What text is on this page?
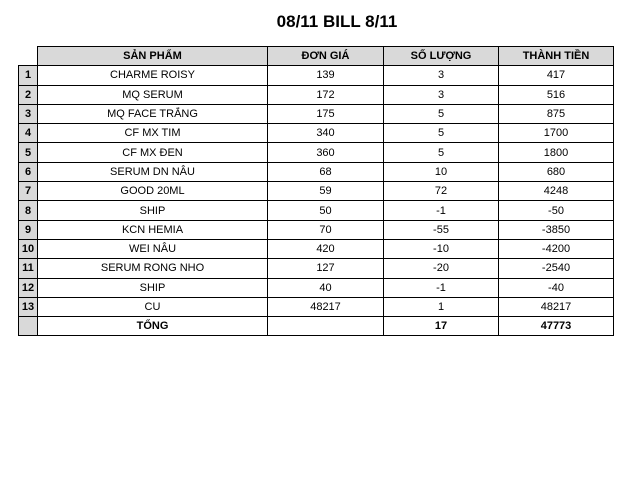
08/11 BILL 8/11
	SẢN PHẨM	ĐƠN GIÁ	SỐ LƯỢNG	THÀNH TIỀN
1	CHARME ROISY	139	3	417
2	MQ SERUM	172	3	516
3	MQ FACE TRẮNG	175	5	875
4	CF MX TIM	340	5	1700
5	CF MX ĐEN	360	5	1800
6	SERUM DN NÂU	68	10	680
7	GOOD 20ML	59	72	4248
8	SHIP	50	-1	-50
9	KCN HEMIA	70	-55	-3850
10	WEI NÂU	420	-10	-4200
11	SERUM RONG NHO	127	-20	-2540
12	SHIP	40	-1	-40
13	CU	48217	1	48217
	TỔNG		17	47773
